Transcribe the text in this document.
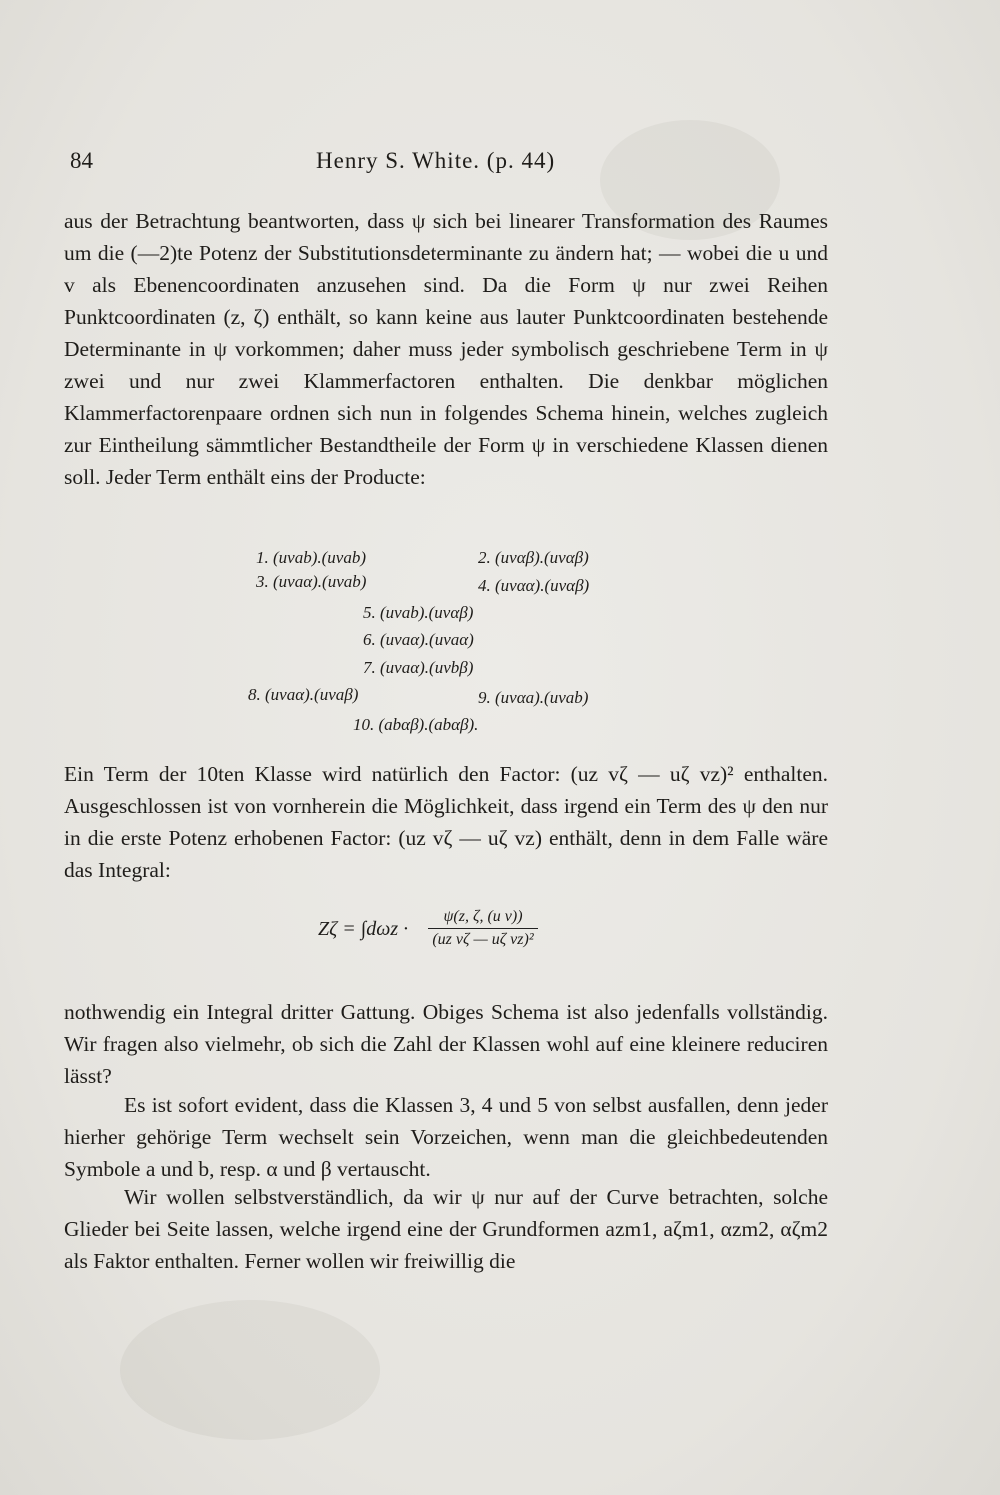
84	Henry S. White. (p. 44)
aus der Betrachtung beantworten, dass ψ sich bei linearer Transformation des Raumes um die (—2)te Potenz der Substitutionsdeterminante zu ändern hat; — wobei die u und v als Ebenencoordinaten anzusehen sind. Da die Form ψ nur zwei Reihen Punktcoordinaten (z, ζ) enthält, so kann keine aus lauter Punktcoordinaten bestehende Determinante in ψ vorkommen; daher muss jeder symbolisch geschriebene Term in ψ zwei und nur zwei Klammerfactoren enthalten. Die denkbar möglichen Klammerfactorenpaare ordnen sich nun in folgendes Schema hinein, welches zugleich zur Eintheilung sämmtlicher Bestandtheile der Form ψ in verschiedene Klassen dienen soll. Jeder Term enthält eins der Producte:
1. (uvab).(uvab)	2. (uvαβ).(uvαβ)
3. (uvaα).(uvab)	4. (uvαα).(uvαβ)
5. (uvab).(uvαβ)
6. (uvaα).(uvaα)
7. (uvaα).(uvbβ)
8. (uvaα).(uvaβ)	9. (uvαa).(uvab)
10. (abαβ).(abαβ).
Ein Term der 10ten Klasse wird natürlich den Factor: (uz vζ — uζ vz)² enthalten. Ausgeschlossen ist von vornherein die Möglichkeit, dass irgend ein Term des ψ den nur in die erste Potenz erhobenen Factor: (uz vζ — uζ vz) enthält, denn in dem Falle wäre das Integral:
Zζ = ∫dωz ·
ψ(z, ζ, (u v))
(uz vζ — uζ vz)²
nothwendig ein Integral dritter Gattung. Obiges Schema ist also jedenfalls vollständig. Wir fragen also vielmehr, ob sich die Zahl der Klassen wohl auf eine kleinere reduciren lässt?
Es ist sofort evident, dass die Klassen 3, 4 und 5 von selbst ausfallen, denn jeder hierher gehörige Term wechselt sein Vorzeichen, wenn man die gleichbedeutenden Symbole a und b, resp. α und β vertauscht.
Wir wollen selbstverständlich, da wir ψ nur auf der Curve betrachten, solche Glieder bei Seite lassen, welche irgend eine der Grundformen azm1, aζm1, αzm2, αζm2 als Faktor enthalten. Ferner wollen wir freiwillig die
